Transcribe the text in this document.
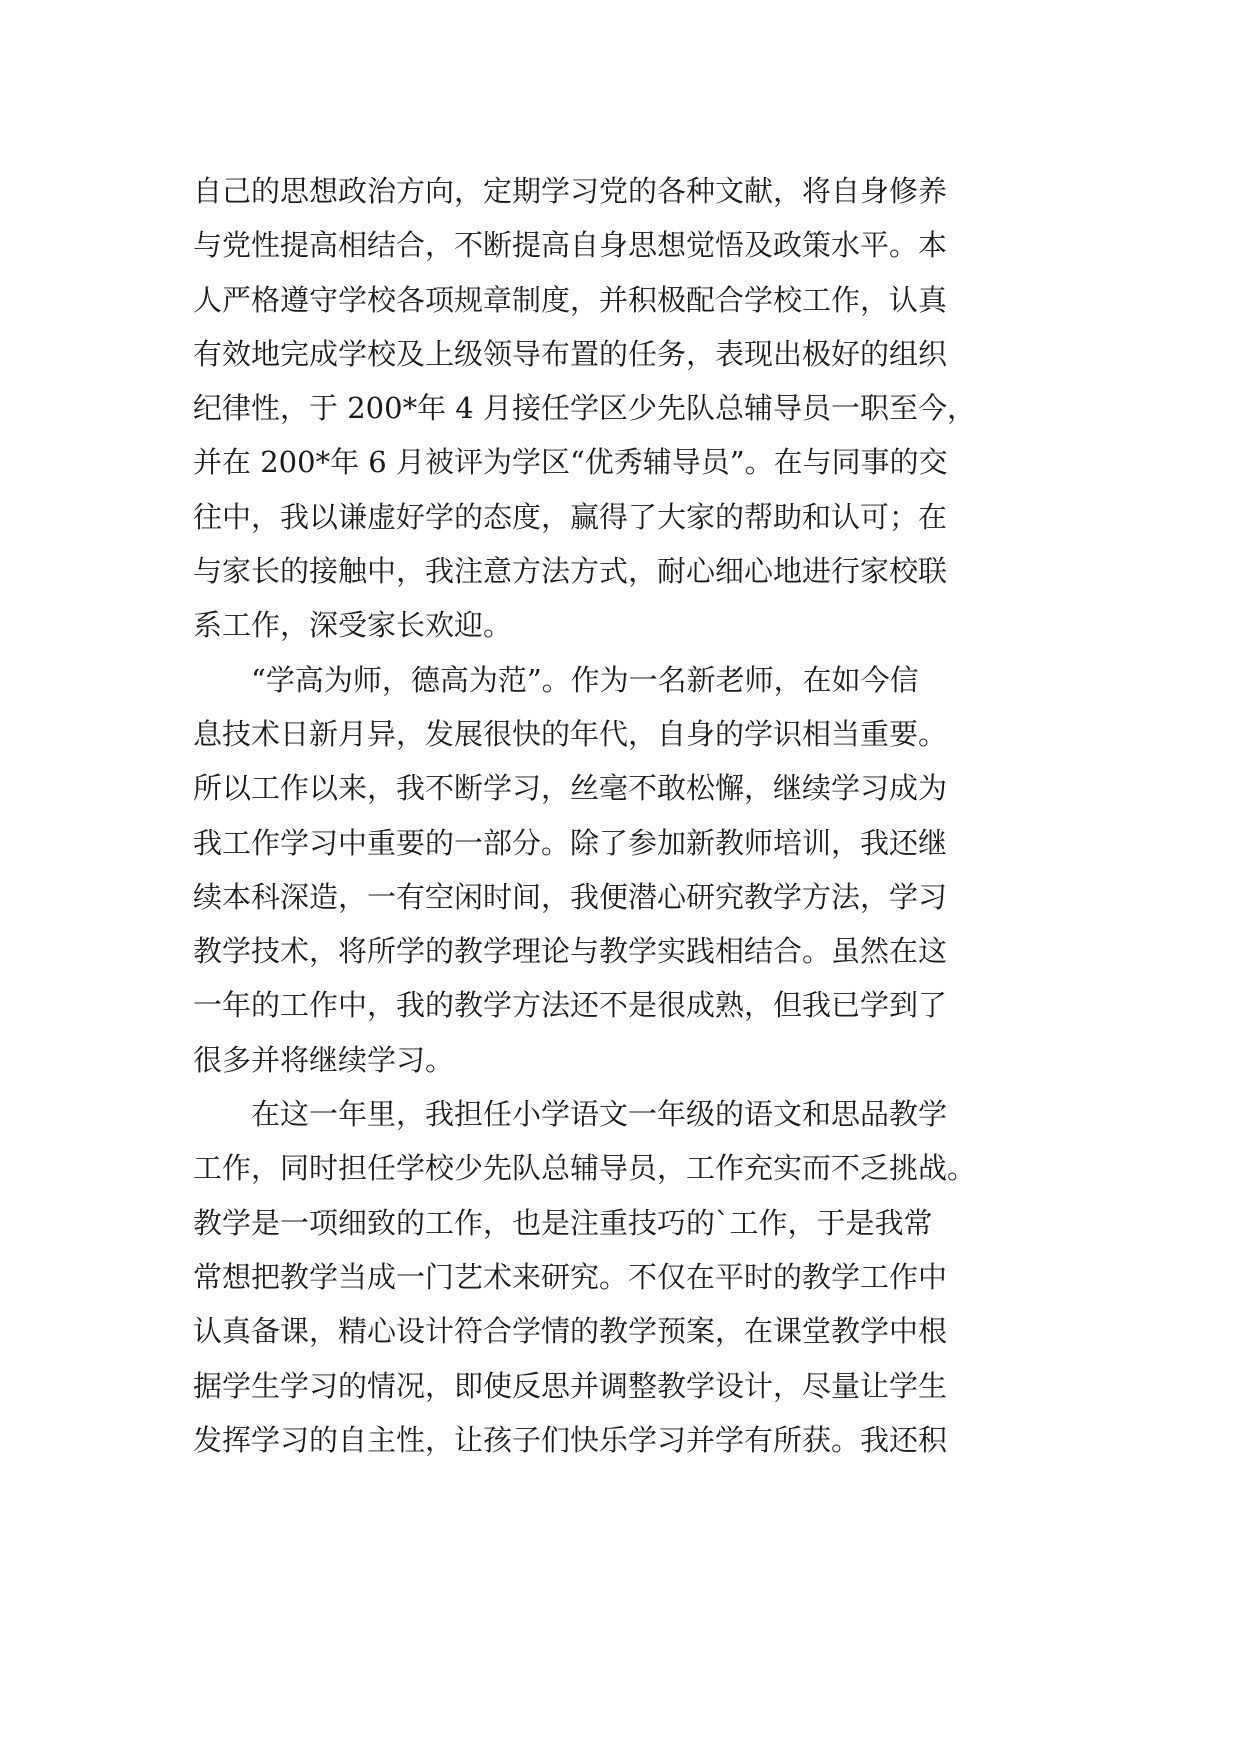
自己的思想政治方向，定期学习党的各种文献，将自身修养
与党性提高相结合，不断提高自身思想觉悟及政策水平。本
人严格遵守学校各项规章制度，并积极配合学校工作，认真
有效地完成学校及上级领导布置的任务，表现出极好的组织
纪律性，于 200*年 4 月接任学区少先队总辅导员一职至今，
并在 200*年 6 月被评为学区“优秀辅导员”。在与同事的交
往中，我以谦虚好学的态度，赢得了大家的帮助和认可；在
与家长的接触中，我注意方法方式，耐心细心地进行家校联
系工作，深受家长欢迎。
　　“学高为师，德高为范”。作为一名新老师，在如今信
息技术日新月异，发展很快的年代，自身的学识相当重要。
所以工作以来，我不断学习，丝毫不敢松懈，继续学习成为
我工作学习中重要的一部分。除了参加新教师培训，我还继
续本科深造，一有空闲时间，我便潜心研究教学方法，学习
教学技术，将所学的教学理论与教学实践相结合。虽然在这
一年的工作中，我的教学方法还不是很成熟，但我已学到了
很多并将继续学习。
　　在这一年里，我担任小学语文一年级的语文和思品教学
工作，同时担任学校少先队总辅导员，工作充实而不乏挑战。
教学是一项细致的工作，也是注重技巧的`工作，于是我常
常想把教学当成一门艺术来研究。不仅在平时的教学工作中
认真备课，精心设计符合学情的教学预案，在课堂教学中根
据学生学习的情况，即使反思并调整教学设计，尽量让学生
发挥学习的自主性，让孩子们快乐学习并学有所获。我还积
